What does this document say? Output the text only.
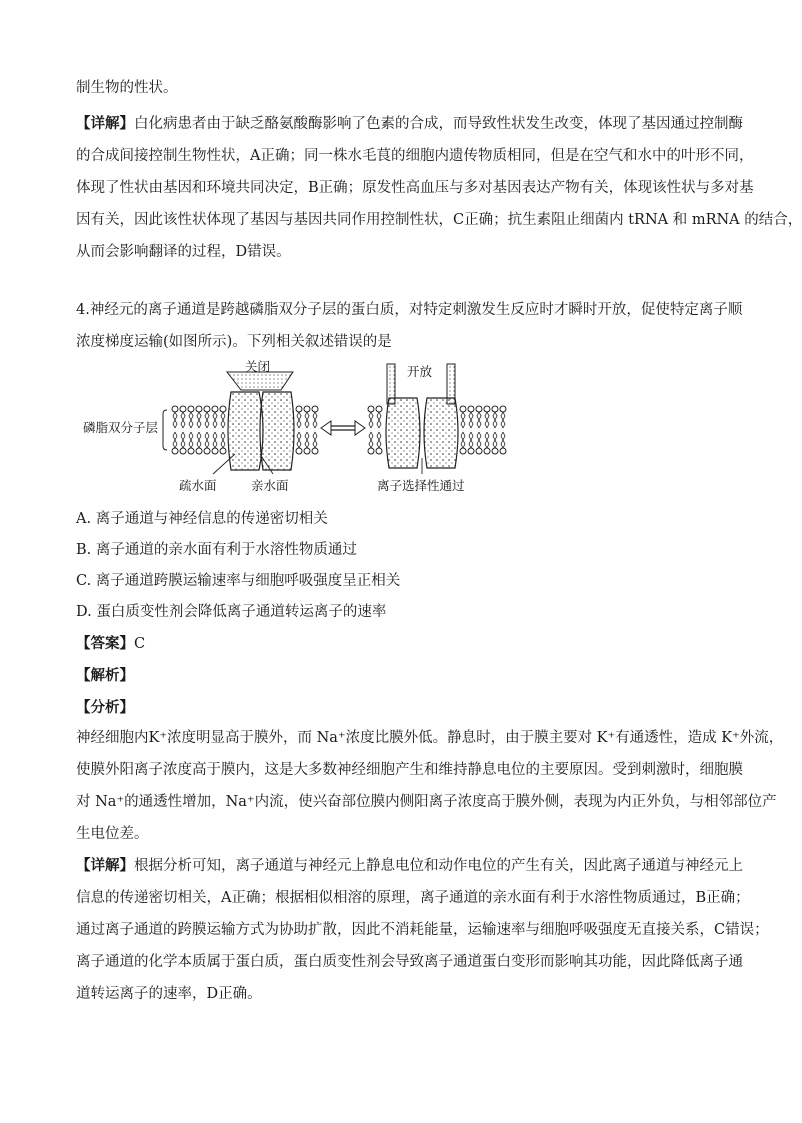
制生物的性状。
【详解】白化病患者由于缺乏酪氨酸酶影响了色素的合成，而导致性状发生改变，体现了基因通过控制酶
的合成间接控制生物性状，A正确；同一株水毛茛的细胞内遗传物质相同，但是在空气和水中的叶形不同，
体现了性状由基因和环境共同决定，B正确；原发性高血压与多对基因表达产物有关，体现该性状与多对基
因有关，因此该性状体现了基因与基因共同作用控制性状，C正确；抗生素阻止细菌内 tRNA 和 mRNA 的结合，
从而会影响翻译的过程，D错误。
4.神经元的离子通道是跨越磷脂双分子层的蛋白质，对特定刺激发生反应时才瞬时开放，促使特定离子顺
浓度梯度运输(如图所示)。下列相关叙述错误的是
磷脂双分子层
关闭	开放
疏水面	亲水面	离子选择性通过
A. 离子通道与神经信息的传递密切相关
B. 离子通道的亲水面有利于水溶性物质通过
C. 离子通道跨膜运输速率与细胞呼吸强度呈正相关
D. 蛋白质变性剂会降低离子通道转运离子的速率
【答案】C
【解析】
【分析】
神经细胞内K⁺浓度明显高于膜外，而 Na⁺浓度比膜外低。静息时，由于膜主要对 K⁺有通透性，造成 K⁺外流，
使膜外阳离子浓度高于膜内，这是大多数神经细胞产生和维持静息电位的主要原因。受到刺激时，细胞膜
对 Na⁺的通透性增加，Na⁺内流，使兴奋部位膜内侧阳离子浓度高于膜外侧，表现为内正外负，与相邻部位产
生电位差。
【详解】根据分析可知，离子通道与神经元上静息电位和动作电位的产生有关，因此离子通道与神经元上
信息的传递密切相关，A正确；根据相似相溶的原理，离子通道的亲水面有利于水溶性物质通过，B正确；
通过离子通道的跨膜运输方式为协助扩散，因此不消耗能量，运输速率与细胞呼吸强度无直接关系，C错误；
离子通道的化学本质属于蛋白质，蛋白质变性剂会导致离子通道蛋白变形而影响其功能，因此降低离子通
道转运离子的速率，D正确。
